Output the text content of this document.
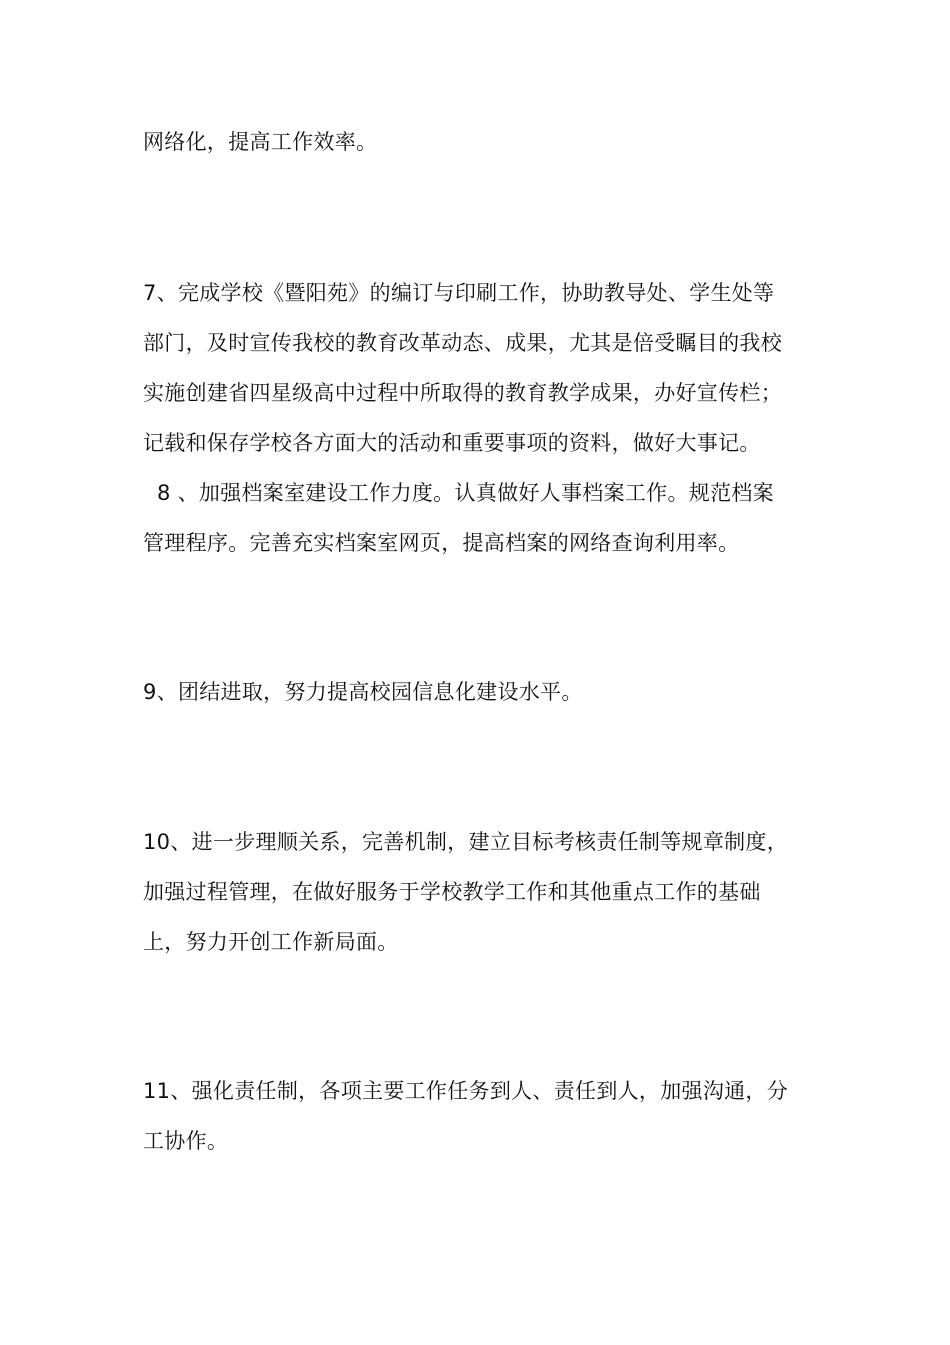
网络化，提高工作效率。
7、完成学校《暨阳苑》的编订与印刷工作，协助教导处、学生处等
部门，及时宣传我校的教育改革动态、成果，尤其是倍受瞩目的我校
实施创建省四星级高中过程中所取得的教育教学成果，办好宣传栏；
记载和保存学校各方面大的活动和重要事项的资料，做好大事记。
8 、加强档案室建设工作力度。认真做好人事档案工作。规范档案
管理程序。完善充实档案室网页，提高档案的网络查询利用率。
9、团结进取，努力提高校园信息化建设水平。
10、进一步理顺关系，完善机制，建立目标考核责任制等规章制度，
加强过程管理，在做好服务于学校教学工作和其他重点工作的基础
上，努力开创工作新局面。
11、强化责任制，各项主要工作任务到人、责任到人，加强沟通，分
工协作。
